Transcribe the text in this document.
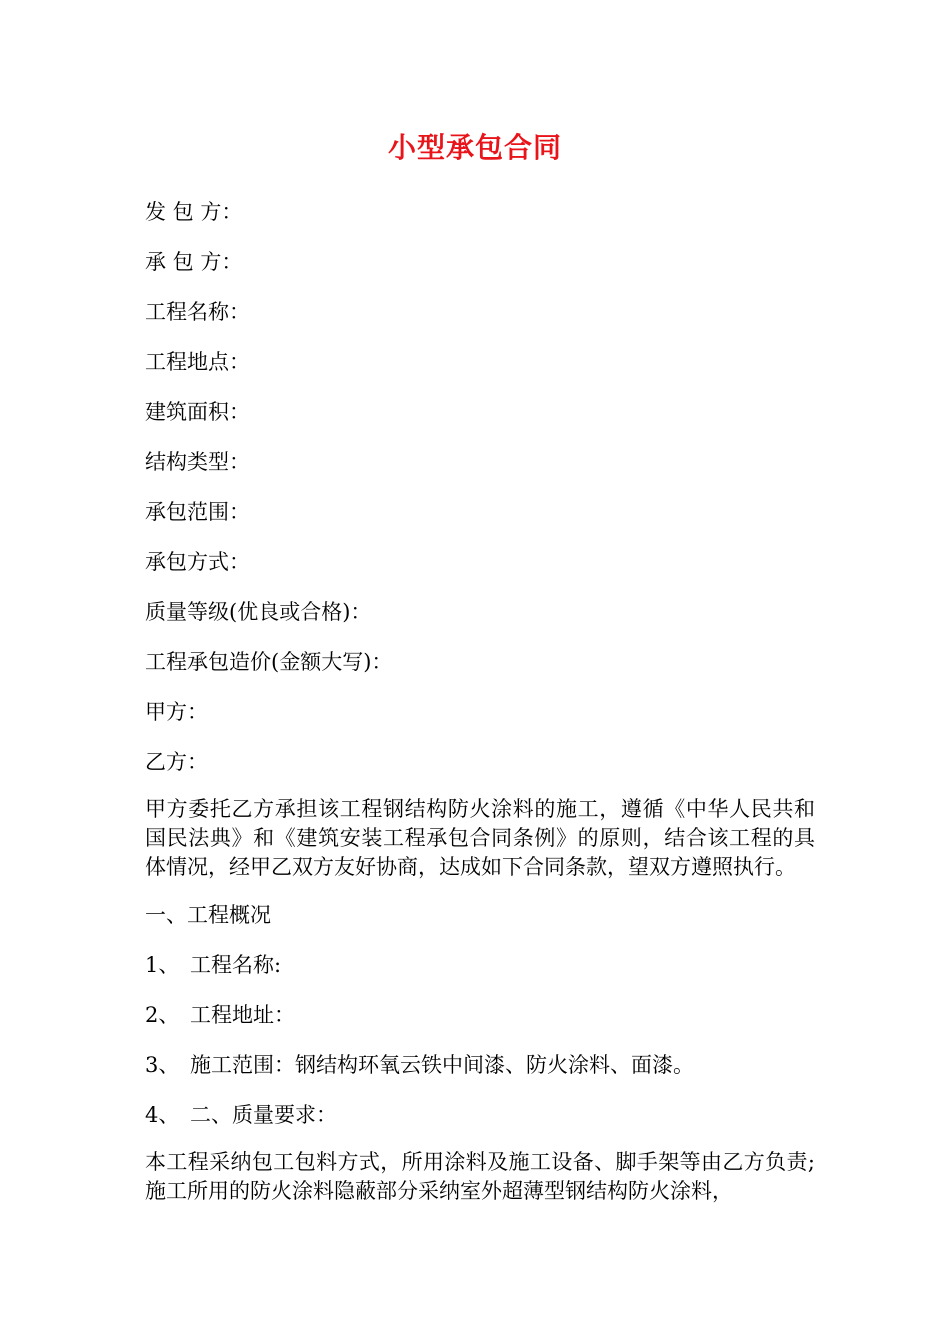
小型承包合同
发 包 方：
承 包 方：
工程名称：
工程地点：
建筑面积：
结构类型：
承包范围：
承包方式：
质量等级(优良或合格)：
工程承包造价(金额大写)：
甲方：
乙方：
甲方委托乙方承担该工程钢结构防火涂料的施工，遵循《中华人民共和国民法典》和《建筑安装工程承包合同条例》的原则，结合该工程的具体情况，经甲乙双方友好协商，达成如下合同条款，望双方遵照执行。
一、工程概况
1、 工程名称:
2、 工程地址：
3、 施工范围：钢结构环氧云铁中间漆、防火涂料、面漆。
4、 二、质量要求：
本工程采纳包工包料方式，所用涂料及施工设备、脚手架等由乙方负责;施工所用的防火涂料隐蔽部分采纳室外超薄型钢结构防火涂料，
